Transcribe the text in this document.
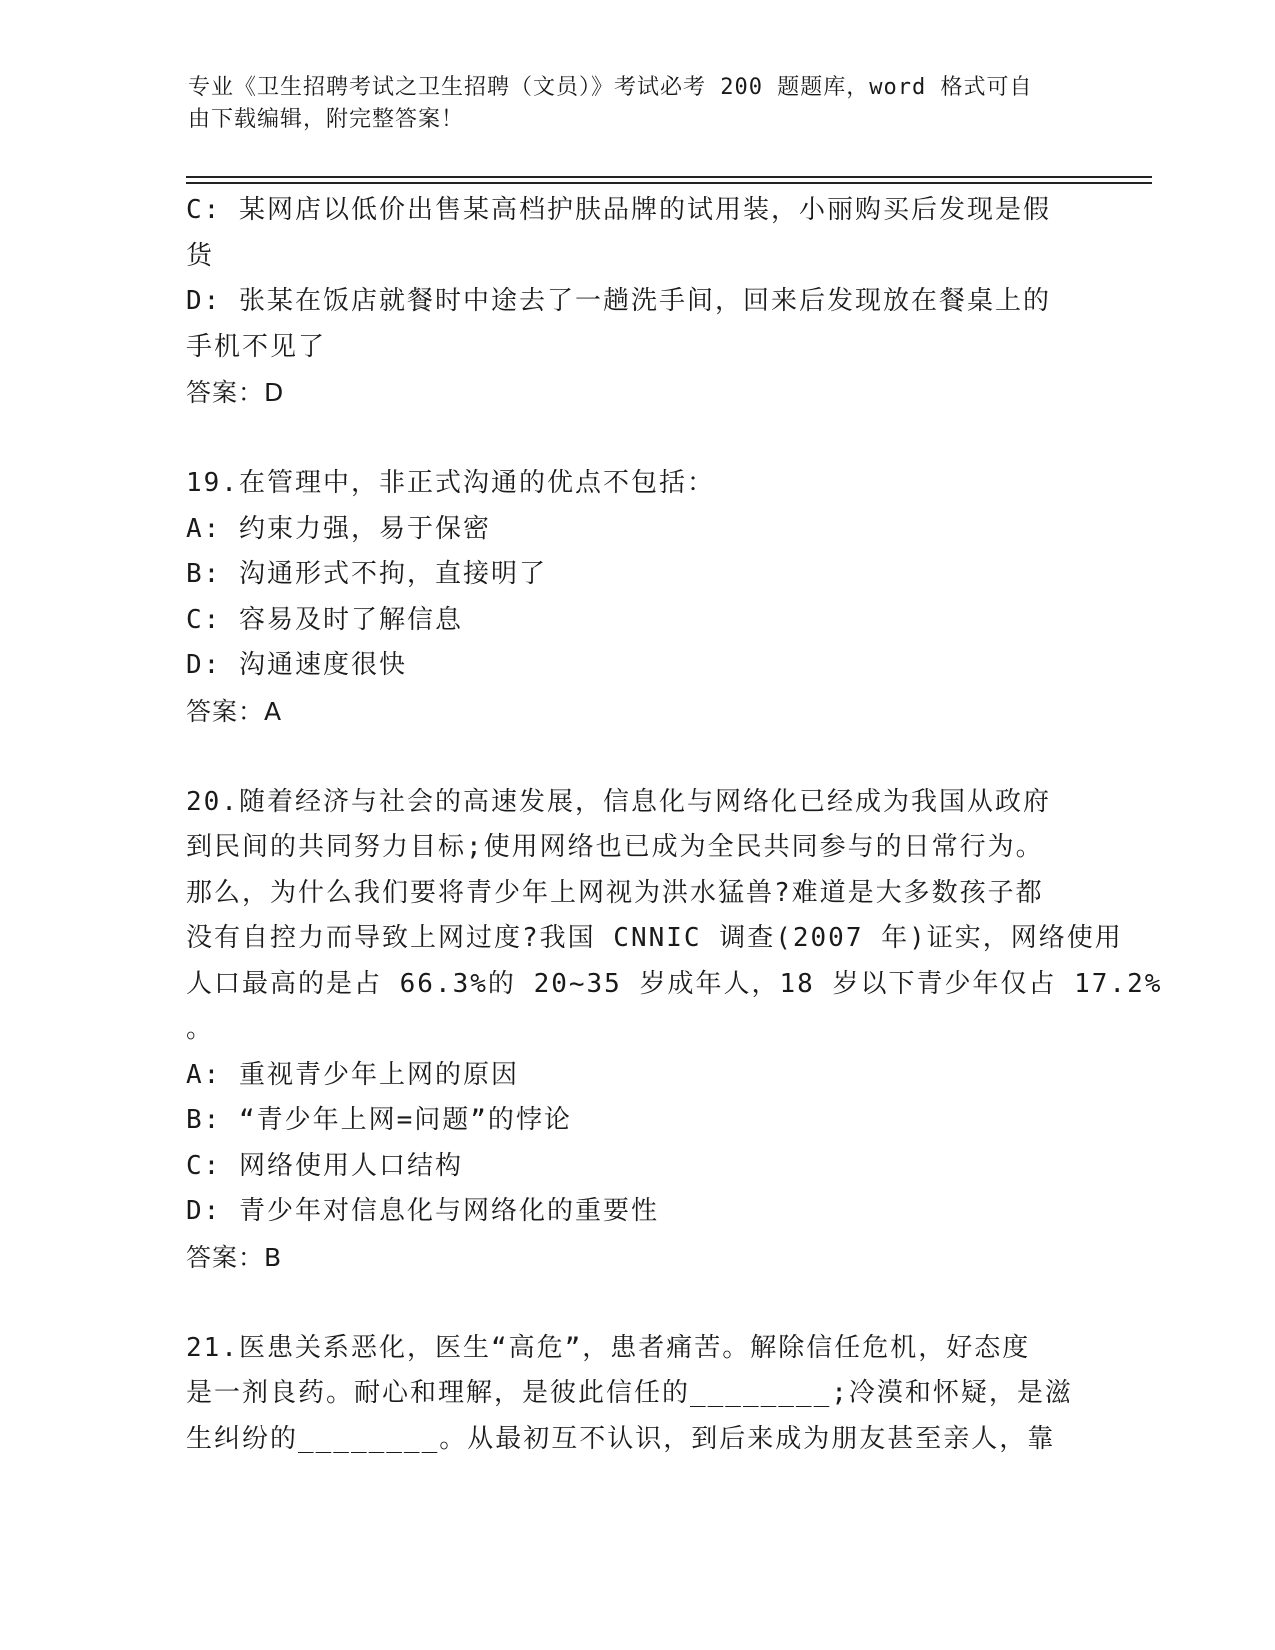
专业《卫生招聘考试之卫生招聘（文员）》考试必考 200 题题库，word 格式可自
由下载编辑，附完整答案！
C: 某网店以低价出售某高档护肤品牌的试用装，小丽购买后发现是假
货
D: 张某在饭店就餐时中途去了一趟洗手间，回来后发现放在餐桌上的
手机不见了
答案：D
19.在管理中，非正式沟通的优点不包括：
A: 约束力强，易于保密
B: 沟通形式不拘，直接明了
C: 容易及时了解信息
D: 沟通速度很快
答案：A
20.随着经济与社会的高速发展，信息化与网络化已经成为我国从政府
到民间的共同努力目标;使用网络也已成为全民共同参与的日常行为。
那么，为什么我们要将青少年上网视为洪水猛兽?难道是大多数孩子都
没有自控力而导致上网过度?我国 CNNIC 调查(2007 年)证实，网络使用
人口最高的是占 66.3%的 20~35 岁成年人，18 岁以下青少年仅占 17.2%
。
A: 重视青少年上网的原因
B: “青少年上网=问题”的悖论
C: 网络使用人口结构
D: 青少年对信息化与网络化的重要性
答案：B
21.医患关系恶化，医生“高危”，患者痛苦。解除信任危机，好态度
是一剂良药。耐心和理解，是彼此信任的________;冷漠和怀疑，是滋
生纠纷的________。从最初互不认识，到后来成为朋友甚至亲人，靠
